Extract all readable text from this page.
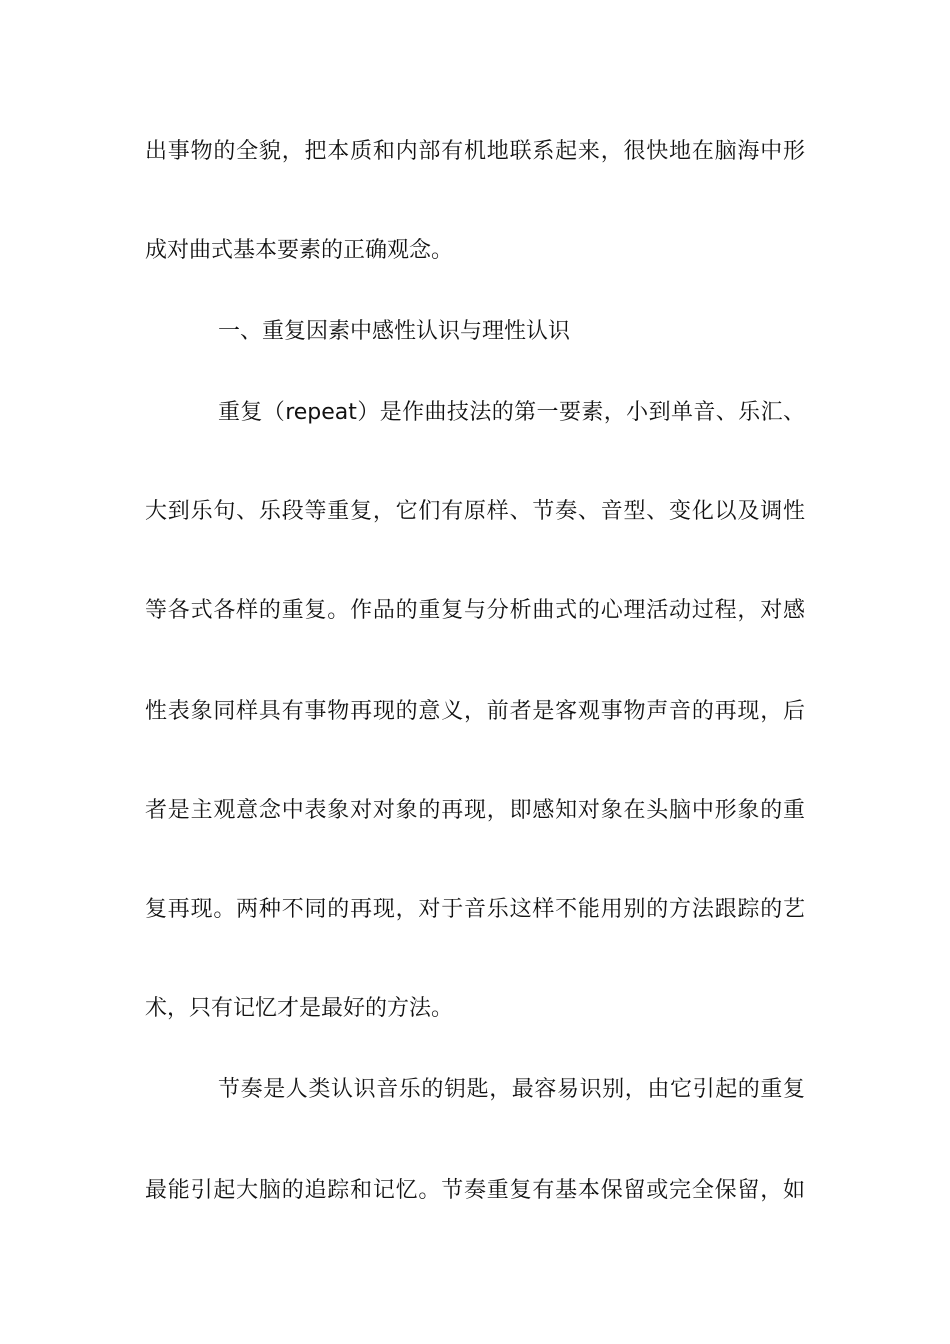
出事物的全貌，把本质和内部有机地联系起来，很快地在脑海中形
成对曲式基本要素的正确观念。
一、重复因素中感性认识与理性认识
重复（repeat）是作曲技法的第一要素，小到单音、乐汇、
大到乐句、乐段等重复，它们有原样、节奏、音型、变化以及调性
等各式各样的重复。作品的重复与分析曲式的心理活动过程，对感
性表象同样具有事物再现的意义，前者是客观事物声音的再现，后
者是主观意念中表象对对象的再现，即感知对象在头脑中形象的重
复再现。两种不同的再现，对于音乐这样不能用别的方法跟踪的艺
术，只有记忆才是最好的方法。
节奏是人类认识音乐的钥匙，最容易识别，由它引起的重复
最能引起大脑的追踪和记忆。节奏重复有基本保留或完全保留，如
